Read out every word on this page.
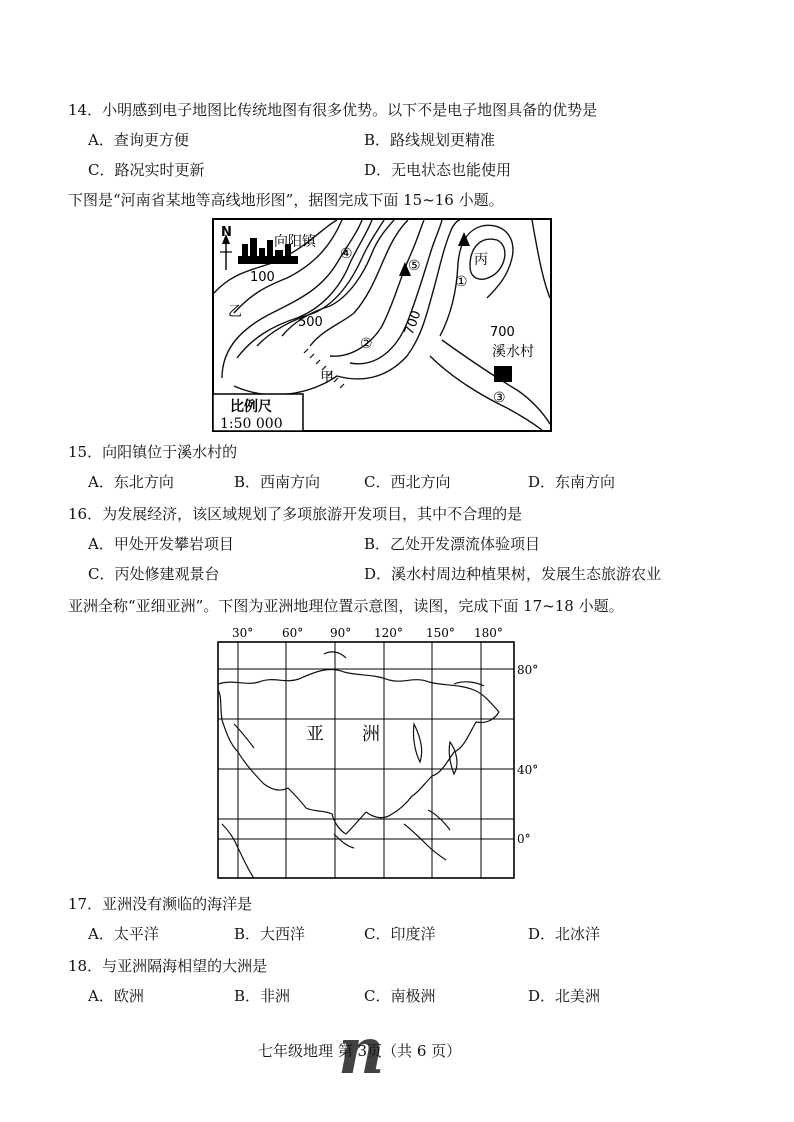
14．小明感到电子地图比传统地图有很多优势。以下不是电子地图具备的优势是
A．查询更方便	B．路线规划更精准
C．路况实时更新	D．无电状态也能使用
下图是“河南省某地等高线地形图”，据图完成下面 15~16 小题。
N
向阳镇
100
500	700	700
乙
甲
丙
④
⑤
①
②
③
溪水村
比例尺
1:50 000
15．向阳镇位于溪水村的
A．东北方向	B．西南方向	C．西北方向	D．东南方向
16．为发展经济，该区域规划了多项旅游开发项目，其中不合理的是
A．甲处开发攀岩项目	B．乙处开发漂流体验项目
C．丙处修建观景台	D．溪水村周边种植果树，发展生态旅游农业
亚洲全称“亚细亚洲”。下图为亚洲地理位置示意图，读图，完成下面 17~18 小题。
30° 60° 90° 120° 150° 180°
80°
40°
0°
亚 洲
17．亚洲没有濒临的海洋是
A．太平洋	B．大西洋	C．印度洋	D．北冰洋
18．与亚洲隔海相望的大洲是
A．欧洲	B．非洲	C．南极洲	D．北美洲
n
七年级地理 第 3页（共 6 页）
